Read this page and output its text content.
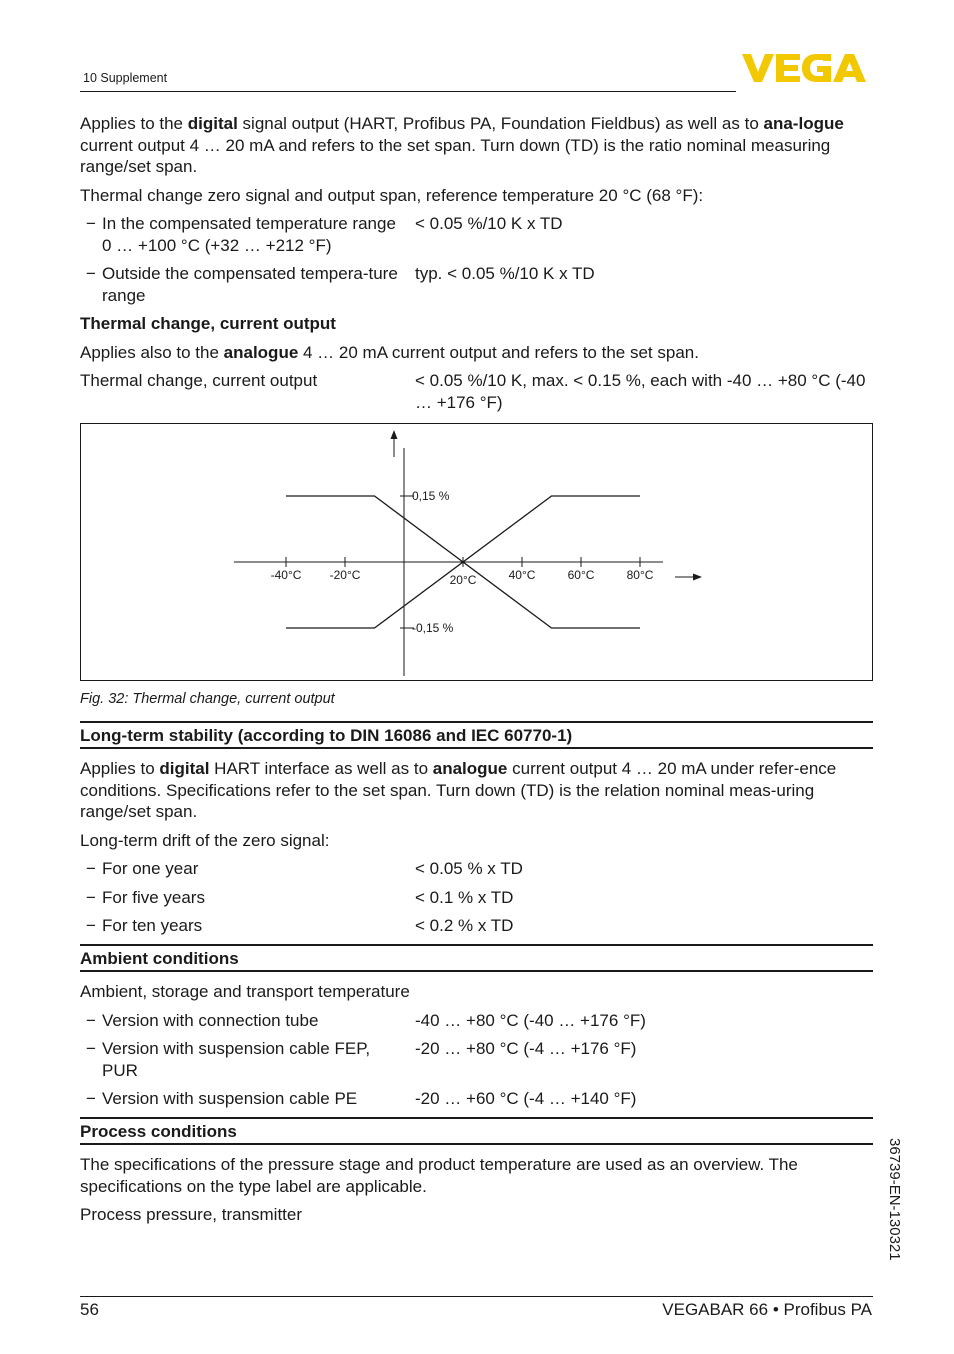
10 Supplement
VEGA

Applies to the digital signal output (HART, Profibus PA, Foundation Fieldbus) as well as to ana-logue current output 4 … 20 mA and refers to the set span. Turn down (TD) is the ratio nominal measuring range/set span.

Thermal change zero signal and output span, reference temperature 20 °C (68 °F):

− In the compensated temperature range 0 … +100 °C (+32 … +212 °F)
< 0.05 %/10 K x TD
− Outside the compensated tempera-ture range
typ. < 0.05 %/10 K x TD
Thermal change, current output

Applies also to the analogue 4 … 20 mA current output and refers to the set span.

Thermal change, current output	< 0.05 %/10 K, max. < 0.15 %, each with -40 … +80 °C (-40 … +176 °F)
-40°C -20°C	20°C	40°C	60°C	80°C
0,15 %
-0,15 %
Fig. 32: Thermal change, current output
Long-term stability (according to DIN 16086 and IEC 60770-1)

Applies to digital HART interface as well as to analogue current output 4 … 20 mA under refer-ence conditions. Specifications refer to the set span. Turn down (TD) is the relation nominal meas-uring range/set span.

Long-term drift of the zero signal:

− For one year	< 0.05 % x TD
− For five years	< 0.1 % x TD
− For ten years	< 0.2 % x TD
Ambient conditions

Ambient, storage and transport temperature

− Version with connection tube	-40 … +80 °C (-40 … +176 °F)
− Version with suspension cable FEP, PUR
-20 … +80 °C (-4 … +176 °F)
− Version with suspension cable PE	-20 … +60 °C (-4 … +140 °F)
Process conditions

The specifications of the pressure stage and product temperature are used as an overview. The specifications on the type label are applicable.

Process pressure, transmitter

56	VEGABAR 66 • Profibus PA
36739-EN-130321
